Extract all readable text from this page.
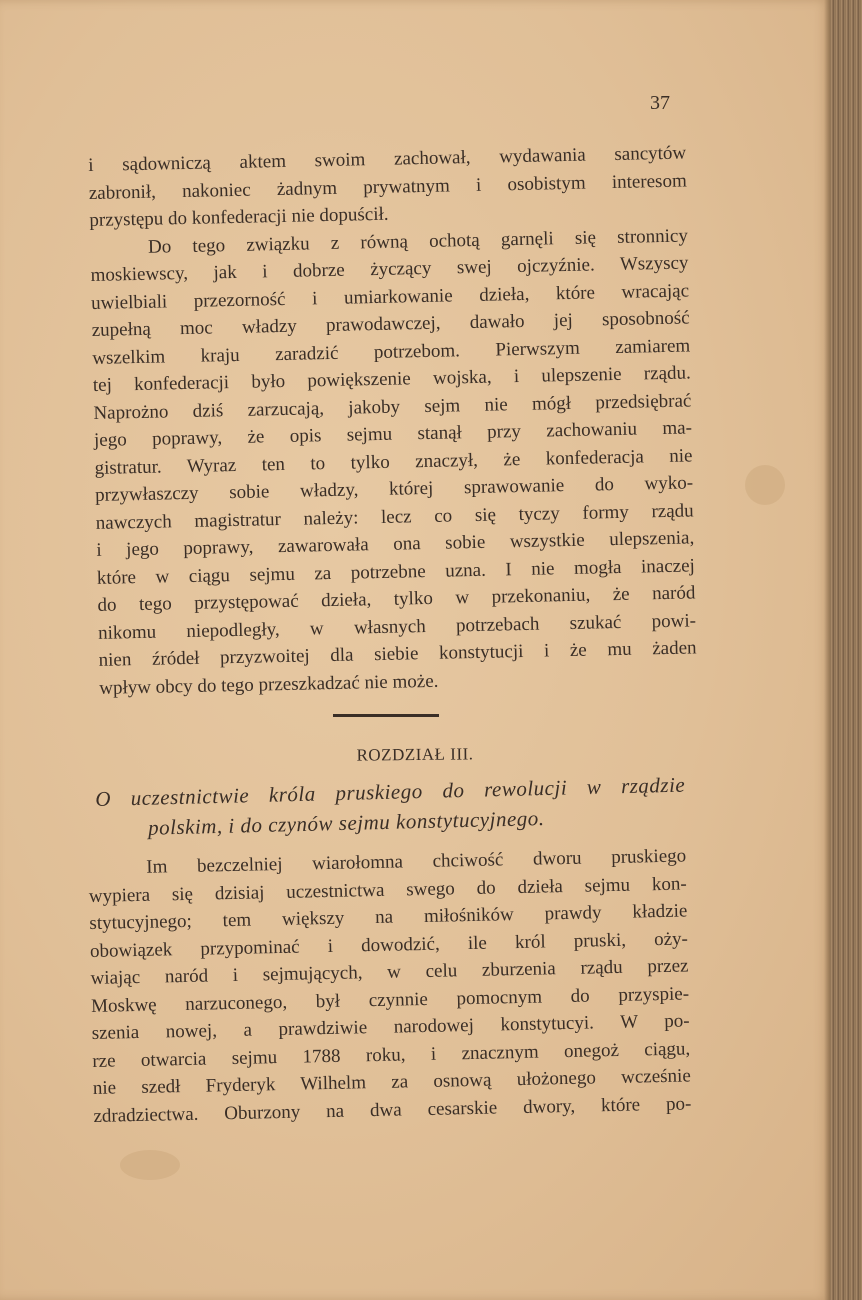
37
i sądowniczą aktem swoim zachował, wydawania sancytów
zabronił, nakoniec żadnym prywatnym i osobistym interesom
przystępu do konfederacji nie dopuścił.
Do tego związku z równą ochotą garnęli się stronnicy
moskiewscy, jak i dobrze życzący swej ojczyźnie. Wszyscy
uwielbiali przezorność i umiarkowanie dzieła, które wracając
zupełną moc władzy prawodawczej, dawało jej sposobność
wszelkim kraju zaradzić potrzebom. Pierwszym zamiarem
tej konfederacji było powiększenie wojska, i ulepszenie rządu.
Naprożno dziś zarzucają, jakoby sejm nie mógł przedsiębrać
jego poprawy, że opis sejmu stanął przy zachowaniu ma-
gistratur. Wyraz ten to tylko znaczył, że konfederacja nie
przywłaszczy sobie władzy, której sprawowanie do wyko-
nawczych magistratur należy: lecz co się tyczy formy rządu
i jego poprawy, zawarowała ona sobie wszystkie ulepszenia,
które w ciągu sejmu za potrzebne uzna. I nie mogła inaczej
do tego przystępować dzieła, tylko w przekonaniu, że naród
nikomu niepodległy, w własnych potrzebach szukać powi-
nien źródeł przyzwoitej dla siebie konstytucji i że mu żaden
wpływ obcy do tego przeszkadzać nie może.
ROZDZIAŁ III.
O uczestnictwie króla pruskiego do rewolucji w rządzie
polskim, i do czynów sejmu konstytucyjnego.
Im bezczelniej wiarołomna chciwość dworu pruskiego
wypiera się dzisiaj uczestnictwa swego do dzieła sejmu kon-
stytucyjnego; tem większy na miłośników prawdy kładzie
obowiązek przypominać i dowodzić, ile król pruski, oży-
wiając naród i sejmujących, w celu zburzenia rządu przez
Moskwę narzuconego, był czynnie pomocnym do przyspie-
szenia nowej, a prawdziwie narodowej konstytucyi. W po-
rze otwarcia sejmu 1788 roku, i znacznym onegoż ciągu,
nie szedł Fryderyk Wilhelm za osnową ułożonego wcześnie
zdradziectwa. Oburzony na dwa cesarskie dwory, które po-
